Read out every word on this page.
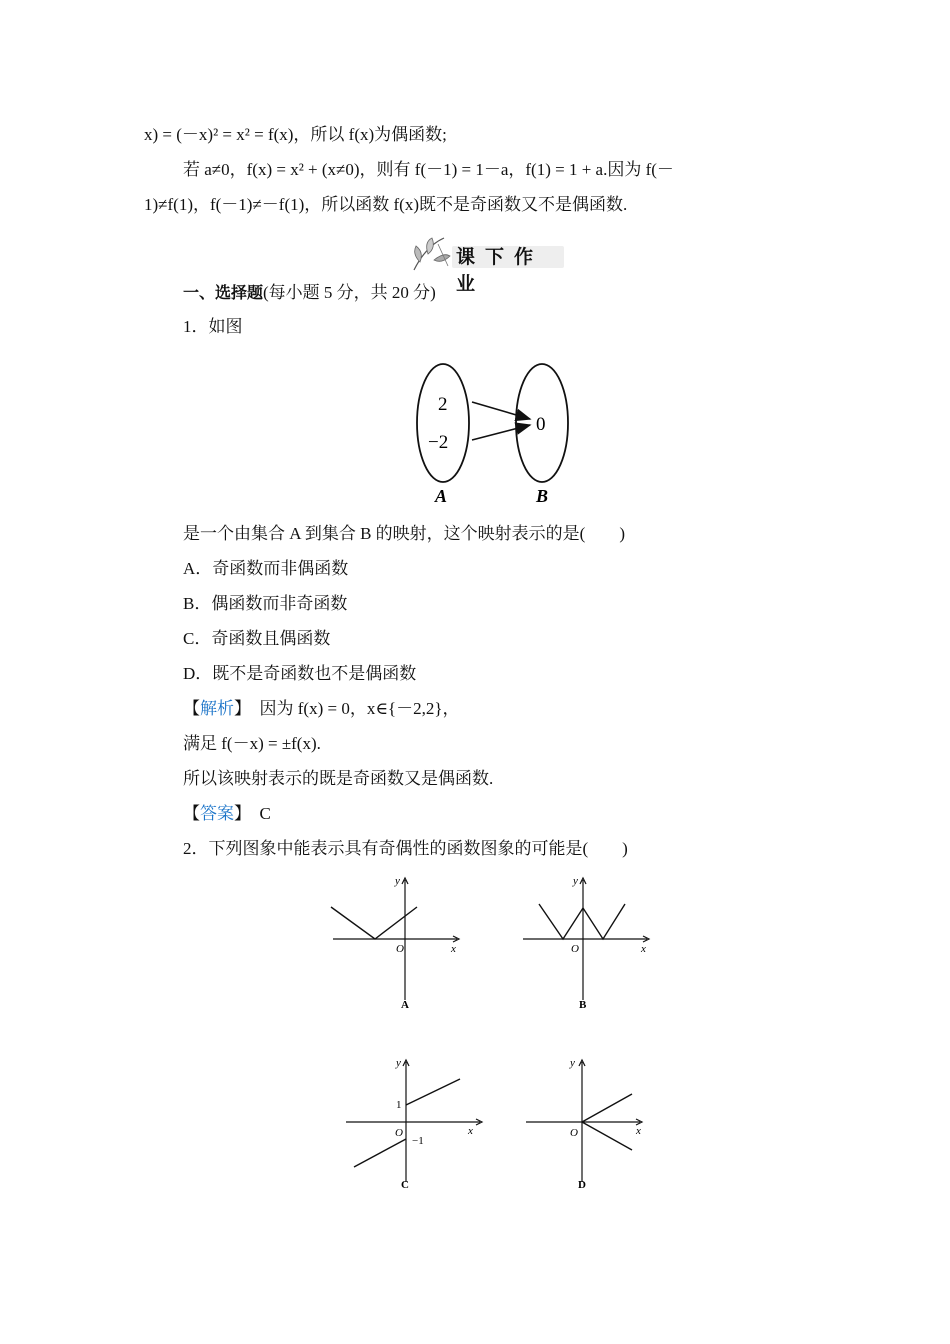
x) = (－x)² = x² = f(x)，所以 f(x)为偶函数;
若 a≠0，f(x) = x² + (x≠0)，则有 f(－1) = 1－a，f(1) = 1 + a.因为 f(－
1)≠f(1)，f(－1)≠－f(1)，所以函数 f(x)既不是奇函数又不是偶函数.
课下作业
一、选择题(每小题 5 分，共 20 分)
1．如图
2
−2
0
A	B
是一个由集合 A 到集合 B 的映射，这个映射表示的是(　　)
A．奇函数而非偶函数
B．偶函数而非奇函数
C．奇函数且偶函数
D．既不是奇函数也不是偶函数
【解析】　因为 f(x) = 0，x∈{－2,2}，
满足 f(－x) = ±f(x).
所以该映射表示的既是奇函数又是偶函数.
【答案】　C
2．下列图象中能表示具有奇偶性的函数图象的可能是(　　)
O	x
y
A
O	x
y
B
1
−1
O	x
y
C
O	x
y
D
